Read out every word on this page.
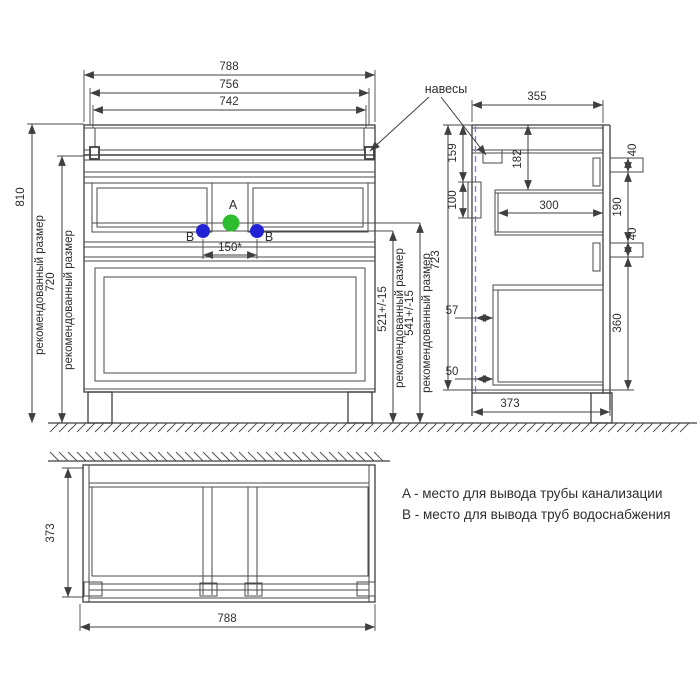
A
B	B
150*
788
756
742
810
рекомендованный размер 720 рекомендованный размер	521+/-15 рекомендованный размер
541+/-15 рекомендованный размер
723
300
навесы
355
159
100
182	40
190
40
360
57
50
373
373
788
A - место для вывода трубы канализации
B - место для вывода труб водоснабжения
